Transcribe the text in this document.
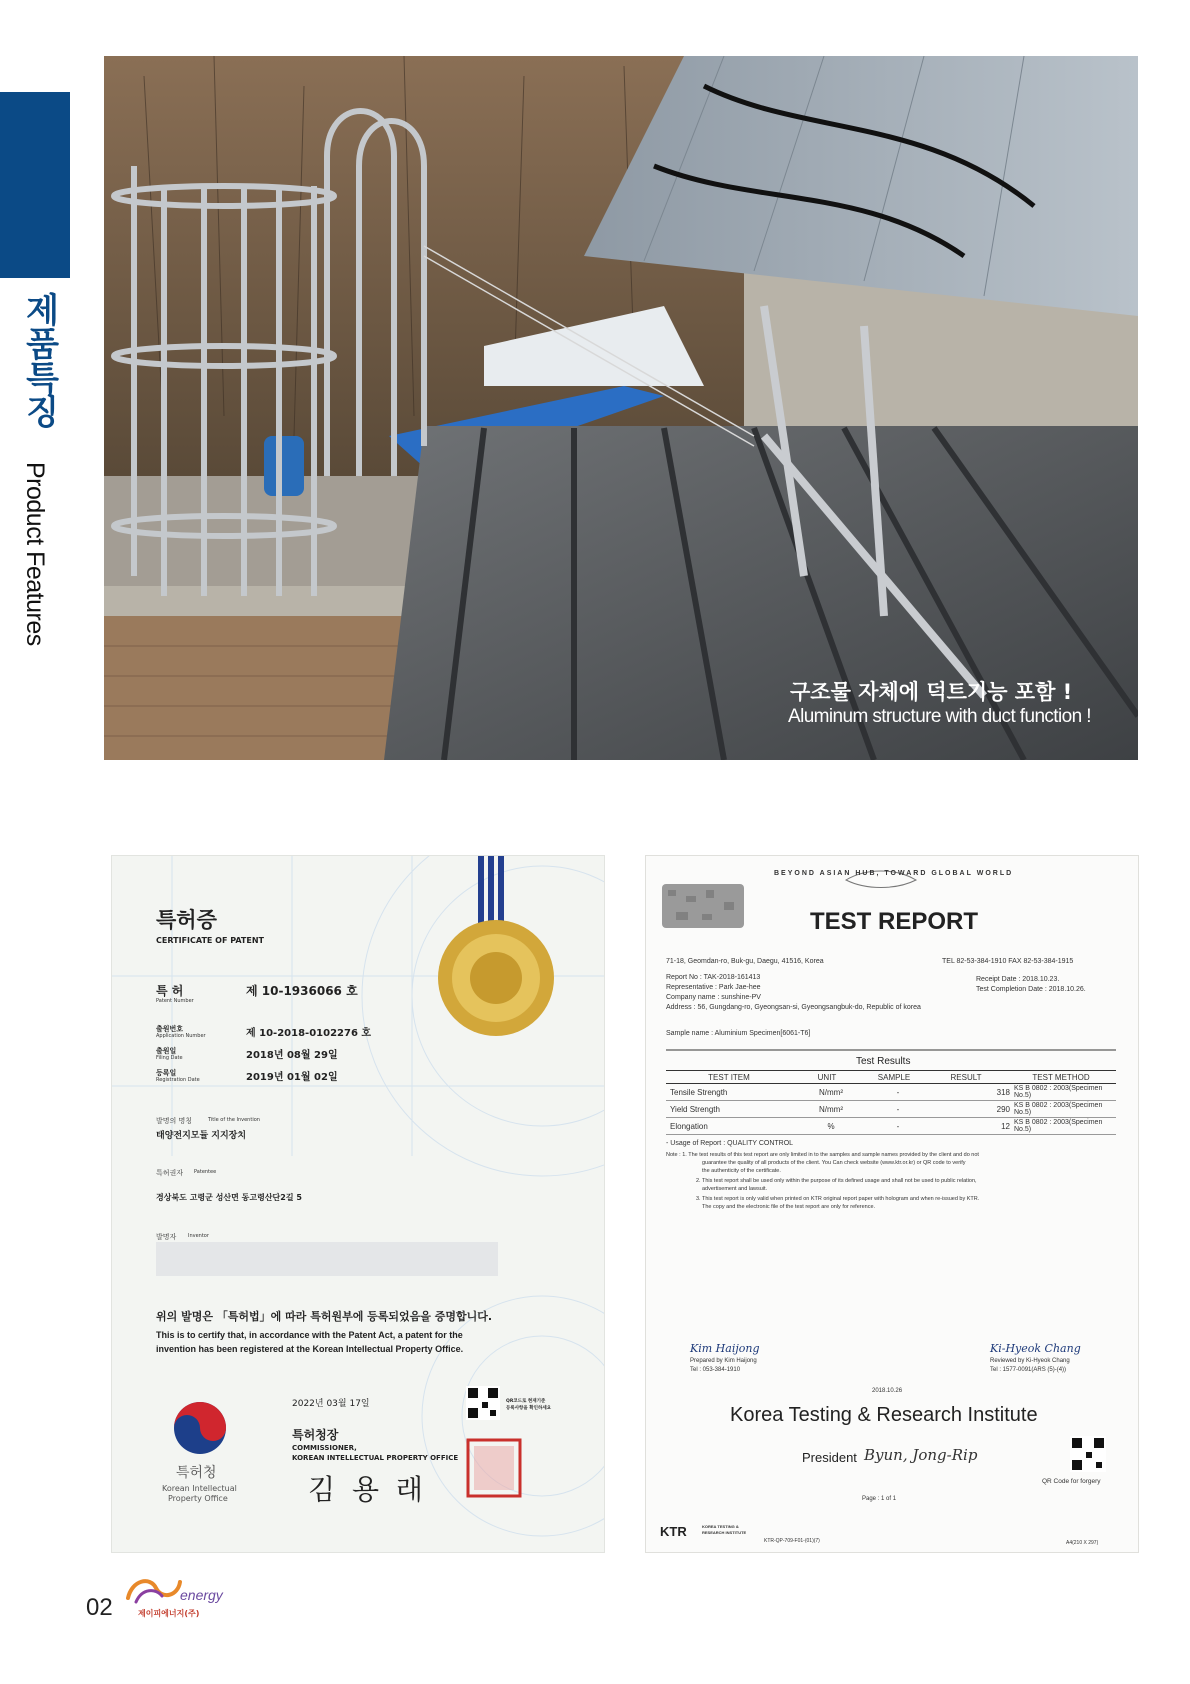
제품특징
Product Features
구조물 자체에 덕트기능 포함 !
Aluminum structure with duct function !
특허증
CERTIFICATE OF PATENT
특 허
Patent Number
제 10-1936066 호
출원번호
Application Number	제 10-2018-0102276 호
출원일
Filing Date	2018년 08월 29일
등록일
Registration Date	2019년 01월 02일
발명의 명칭	Title of the Invention
태양전지모듈 지지장치
특허권자 Patentee
경상북도 고령군 성산면 동고령산단2길 5
발명자 Inventor
위의 발명은 「특허법」에 따라 특허원부에 등록되었음을 증명합니다.
This is to certify that, in accordance with the Patent Act, a patent for the
invention has been registered at the Korean Intellectual Property Office.
2022년 03월 17일	QR코드로 현재기준
등록사항을 확인하세요
특허청장
COMMISSIONER,
KOREAN INTELLECTUAL PROPERTY OFFICE
김 용 래
특허청
Korean Intellectual
Property Office
BEYOND ASIAN HUB, TOWARD GLOBAL WORLD
TEST REPORT
71-18, Geomdan-ro, Buk-gu, Daegu, 41516, Korea	TEL 82-53-384-1910 FAX 82-53-384-1915
Report No : TAK-2018-161413
Representative : Park Jae-hee
Company name : sunshine-PV
Address : 56, Gungdang-ro, Gyeongsan-si, Gyeongsangbuk-do, Republic of korea
Receipt Date : 2018.10.23.
Test Completion Date : 2018.10.26.
Sample name : Aluminium Specimen[6061-T6]
Test Results
TEST ITEM	UNIT	SAMPLE	RESULT	TEST METHOD
Tensile Strength	N/mm²	-	318 KS B 0802 : 2003(Specimen No.5)
Yield Strength	N/mm²	-	290 KS B 0802 : 2003(Specimen No.5)
Elongation	%	-	12 KS B 0802 : 2003(Specimen No.5)
- Usage of Report : QUALITY CONTROL
Note : 1. The test results of this test report are only limited in to the samples and sample names provided by the client and do not
guarantee the quality of all products of the client. You Can check website (www.ktr.or.kr) or QR code to verify
the authenticity of the certificate.
2. This test report shall be used only within the purpose of its defined usage and shall not be used to public relation,
advertisement and lawsuit.
3. This test report is only valid when printed on KTR original report paper with hologram and when re-issued by KTR.
The copy and the electronic file of the test report are only for reference.
Kim Haijong
Prepared by Kim Haijong
Tel : 053-384-1910
Ki-Hyeok Chang
Reviewed by Ki-Hyeok Chang
Tel : 1577-0091(ARS (5)-(4))
2018.10.26
Korea Testing & Research Institute
President Byun, Jong-Rip
QR Code for forgery
Page : 1 of 1
KTR	KOREA TESTING &
RESEARCH INSTITUTE
KTR-QP-709-F01-(01)(7)	A4(210 X 297)
02	energy
제이피에너지(주)
